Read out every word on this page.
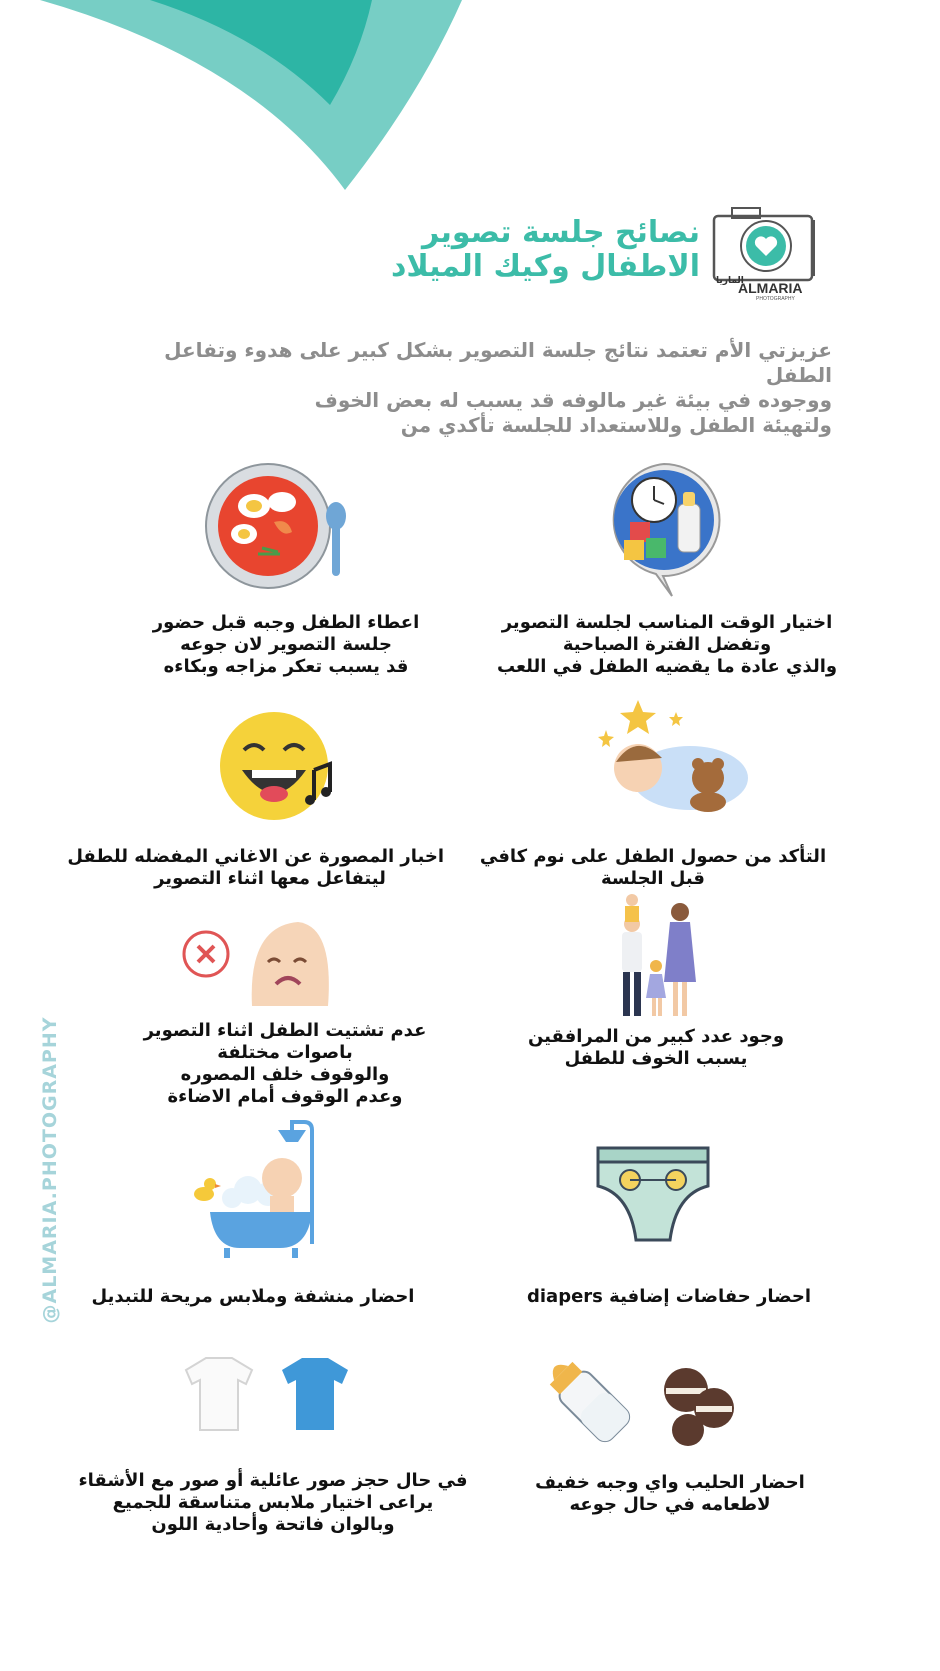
نصائح جلسة تصوير
الاطفال وكيك الميلاد الماريا
ALMARIA
PHOTOGRAPHY
عزيزتي الأم تعتمد نتائج جلسة التصوير بشكل كبير على هدوء وتفاعل الطفل
ووجوده في بيئة غير مالوفه قد يسبب له بعض الخوف
ولتهيئة الطفل وللاستعداد للجلسة تأكدي من
@ALMARIA.PHOTOGRAPHY
اختيار الوقت المناسب لجلسة التصوير
وتفضل الفترة الصباحية
والذي عادة ما يقضيه الطفل في اللعب
اعطاء الطفل وجبه قبل حضور
جلسة التصوير لان جوعه
قد يسبب تعكر مزاجه وبكاءه
التأكد من حصول الطفل على نوم كافي
قبل الجلسة
اخبار المصورة عن الاغاني المفضله للطفل
ليتفاعل معها اثناء التصوير
وجود عدد كبير من المرافقين
يسبب الخوف للطفل
عدم تشتيت الطفل اثناء التصوير
باصوات مختلفة
والوقوف خلف المصوره
وعدم الوقوف أمام الاضاءة
احضار حفاضات إضافية diapers
احضار منشفة وملابس مريحة للتبديل
احضار الحليب واي وجبه خفيف
لاطعامه في حال جوعه
في حال حجز صور عائلية أو صور مع الأشقاء
يراعى اختيار ملابس متناسقة للجميع
وبالوان فاتحة وأحادية اللون
